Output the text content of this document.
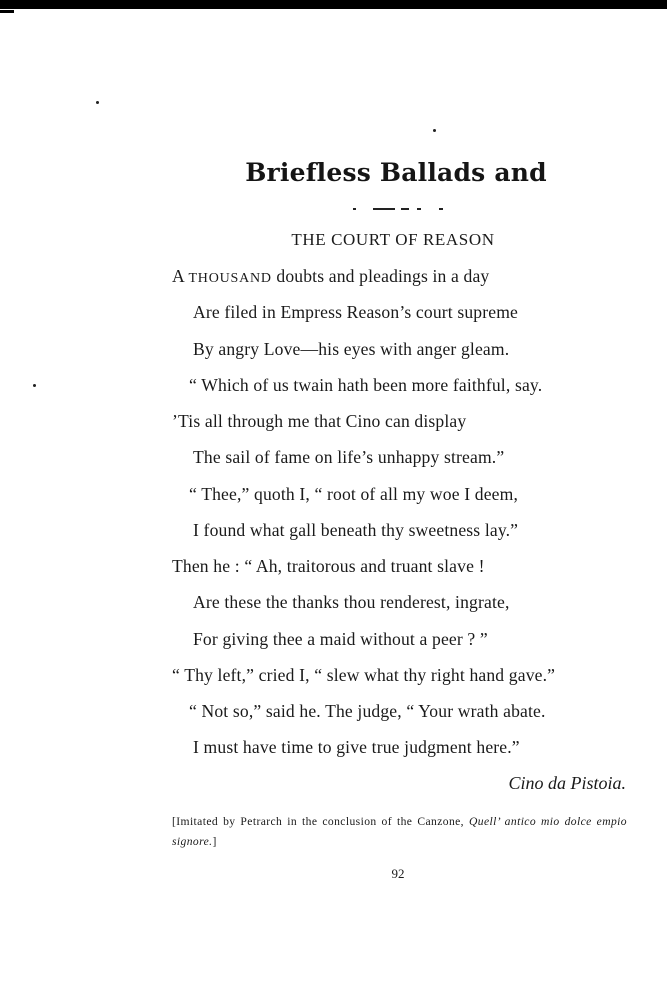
Briefless Ballads and
THE COURT OF REASON
A THOUSAND doubts and pleadings in a day
Are filed in Empress Reason’s court supreme
By angry Love—his eyes with anger gleam.
“ Which of us twain hath been more faithful, say.
’Tis all through me that Cino can display
The sail of fame on life’s unhappy stream.”
“ Thee,” quoth I, “ root of all my woe I deem,
I found what gall beneath thy sweetness lay.”
Then he : “ Ah, traitorous and truant slave !
Are these the thanks thou renderest, ingrate,
For giving thee a maid without a peer ? ”
“ Thy left,” cried I, “ slew what thy right hand gave.”
“ Not so,” said he. The judge, “ Your wrath abate.
I must have time to give true judgment here.”
Cino da Pistoia.
[Imitated by Petrarch in the conclusion of the Canzone, Quell’ antico mio dolce empio signore.]
92
